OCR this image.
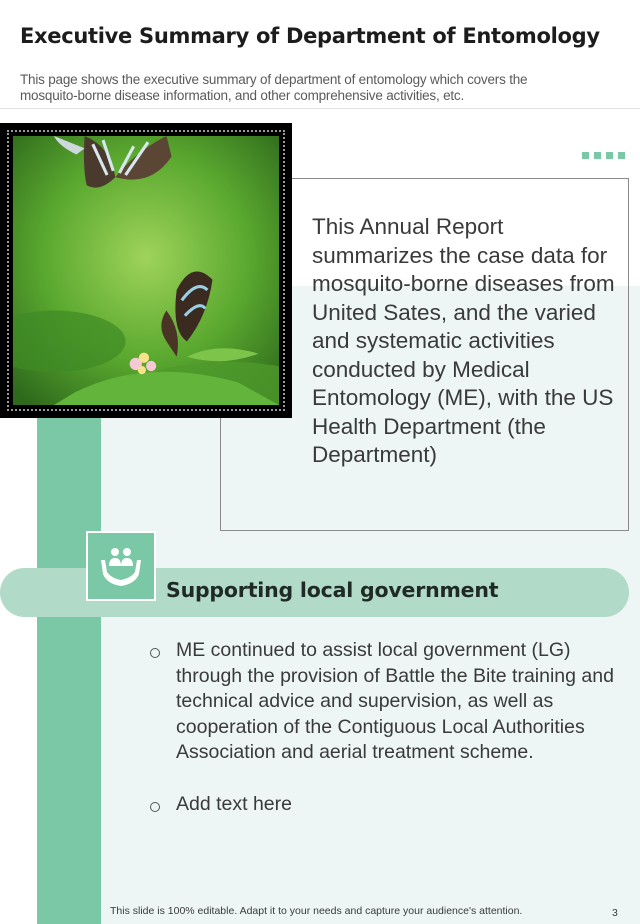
Executive Summary of Department of Entomology

This page shows the executive summary of department of entomology which covers the mosquito-borne disease information, and other comprehensive activities, etc.

This Annual Report summarizes the case data for mosquito-borne diseases from United Sates, and the varied and systematic activities conducted by Medical Entomology (ME), with the US Health Department (the Department)

Supporting local government

ME continued to assist local government (LG) through the provision of Battle the Bite training and technical advice and supervision, as well as cooperation of the Contiguous Local Authorities Association and aerial treatment scheme.
Add text here

This slide is 100% editable. Adapt it to your needs and capture your audience's attention.	3
